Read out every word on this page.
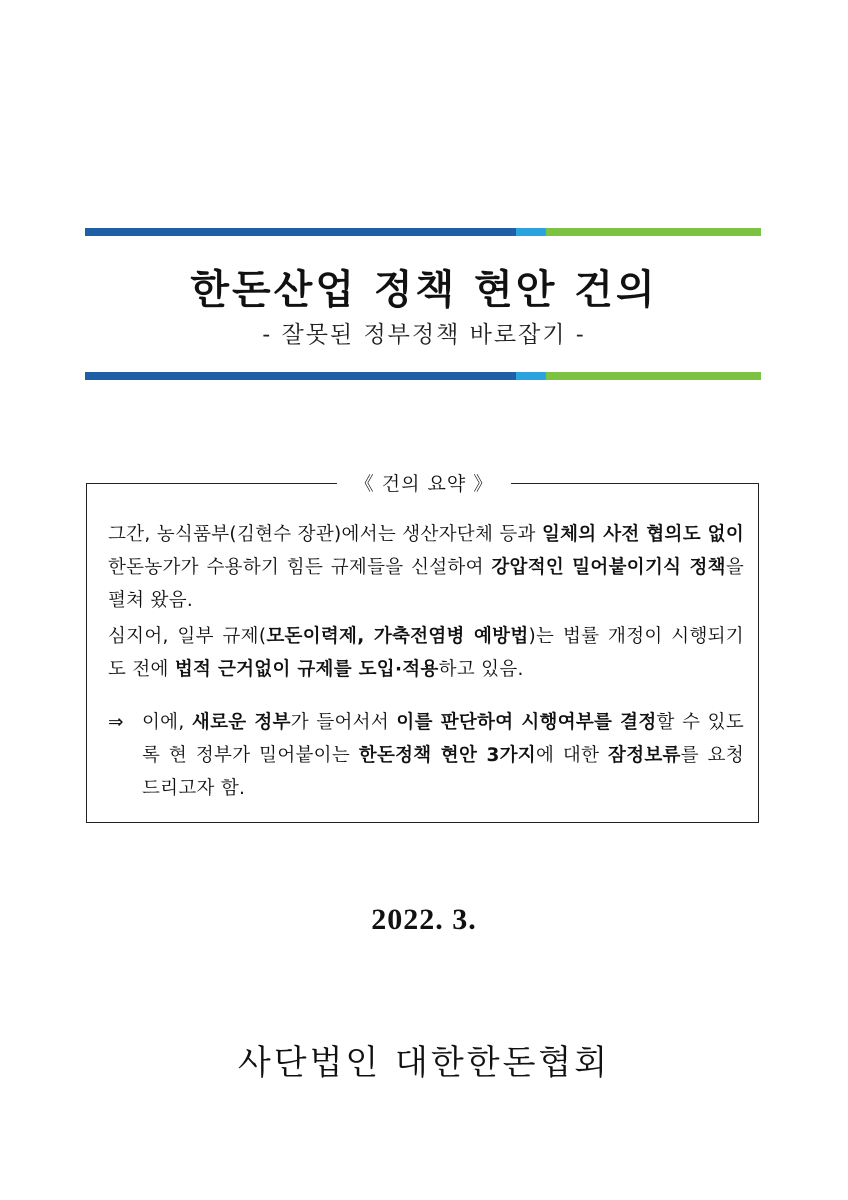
한돈산업 정책 현안 건의
- 잘못된 정부정책 바로잡기 -
《 건의 요약 》
그간, 농식품부(김현수 장관)에서는 생산자단체 등과 일체의 사전 협의도 없이 한돈농가가 수용하기 힘든 규제들을 신설하여 강압적인 밀어붙이기식 정책을 펼쳐 왔음.
심지어, 일부 규제(모돈이력제, 가축전염병 예방법)는 법률 개정이 시행되기도 전에 법적 근거없이 규제를 도입·적용하고 있음.
⇒ 이에, 새로운 정부가 들어서서 이를 판단하여 시행여부를 결정할 수 있도록 현 정부가 밀어붙이는 한돈정책 현안 3가지에 대한 잠정보류를 요청 드리고자 함.
2022. 3.
사단법인 대한한돈협회
